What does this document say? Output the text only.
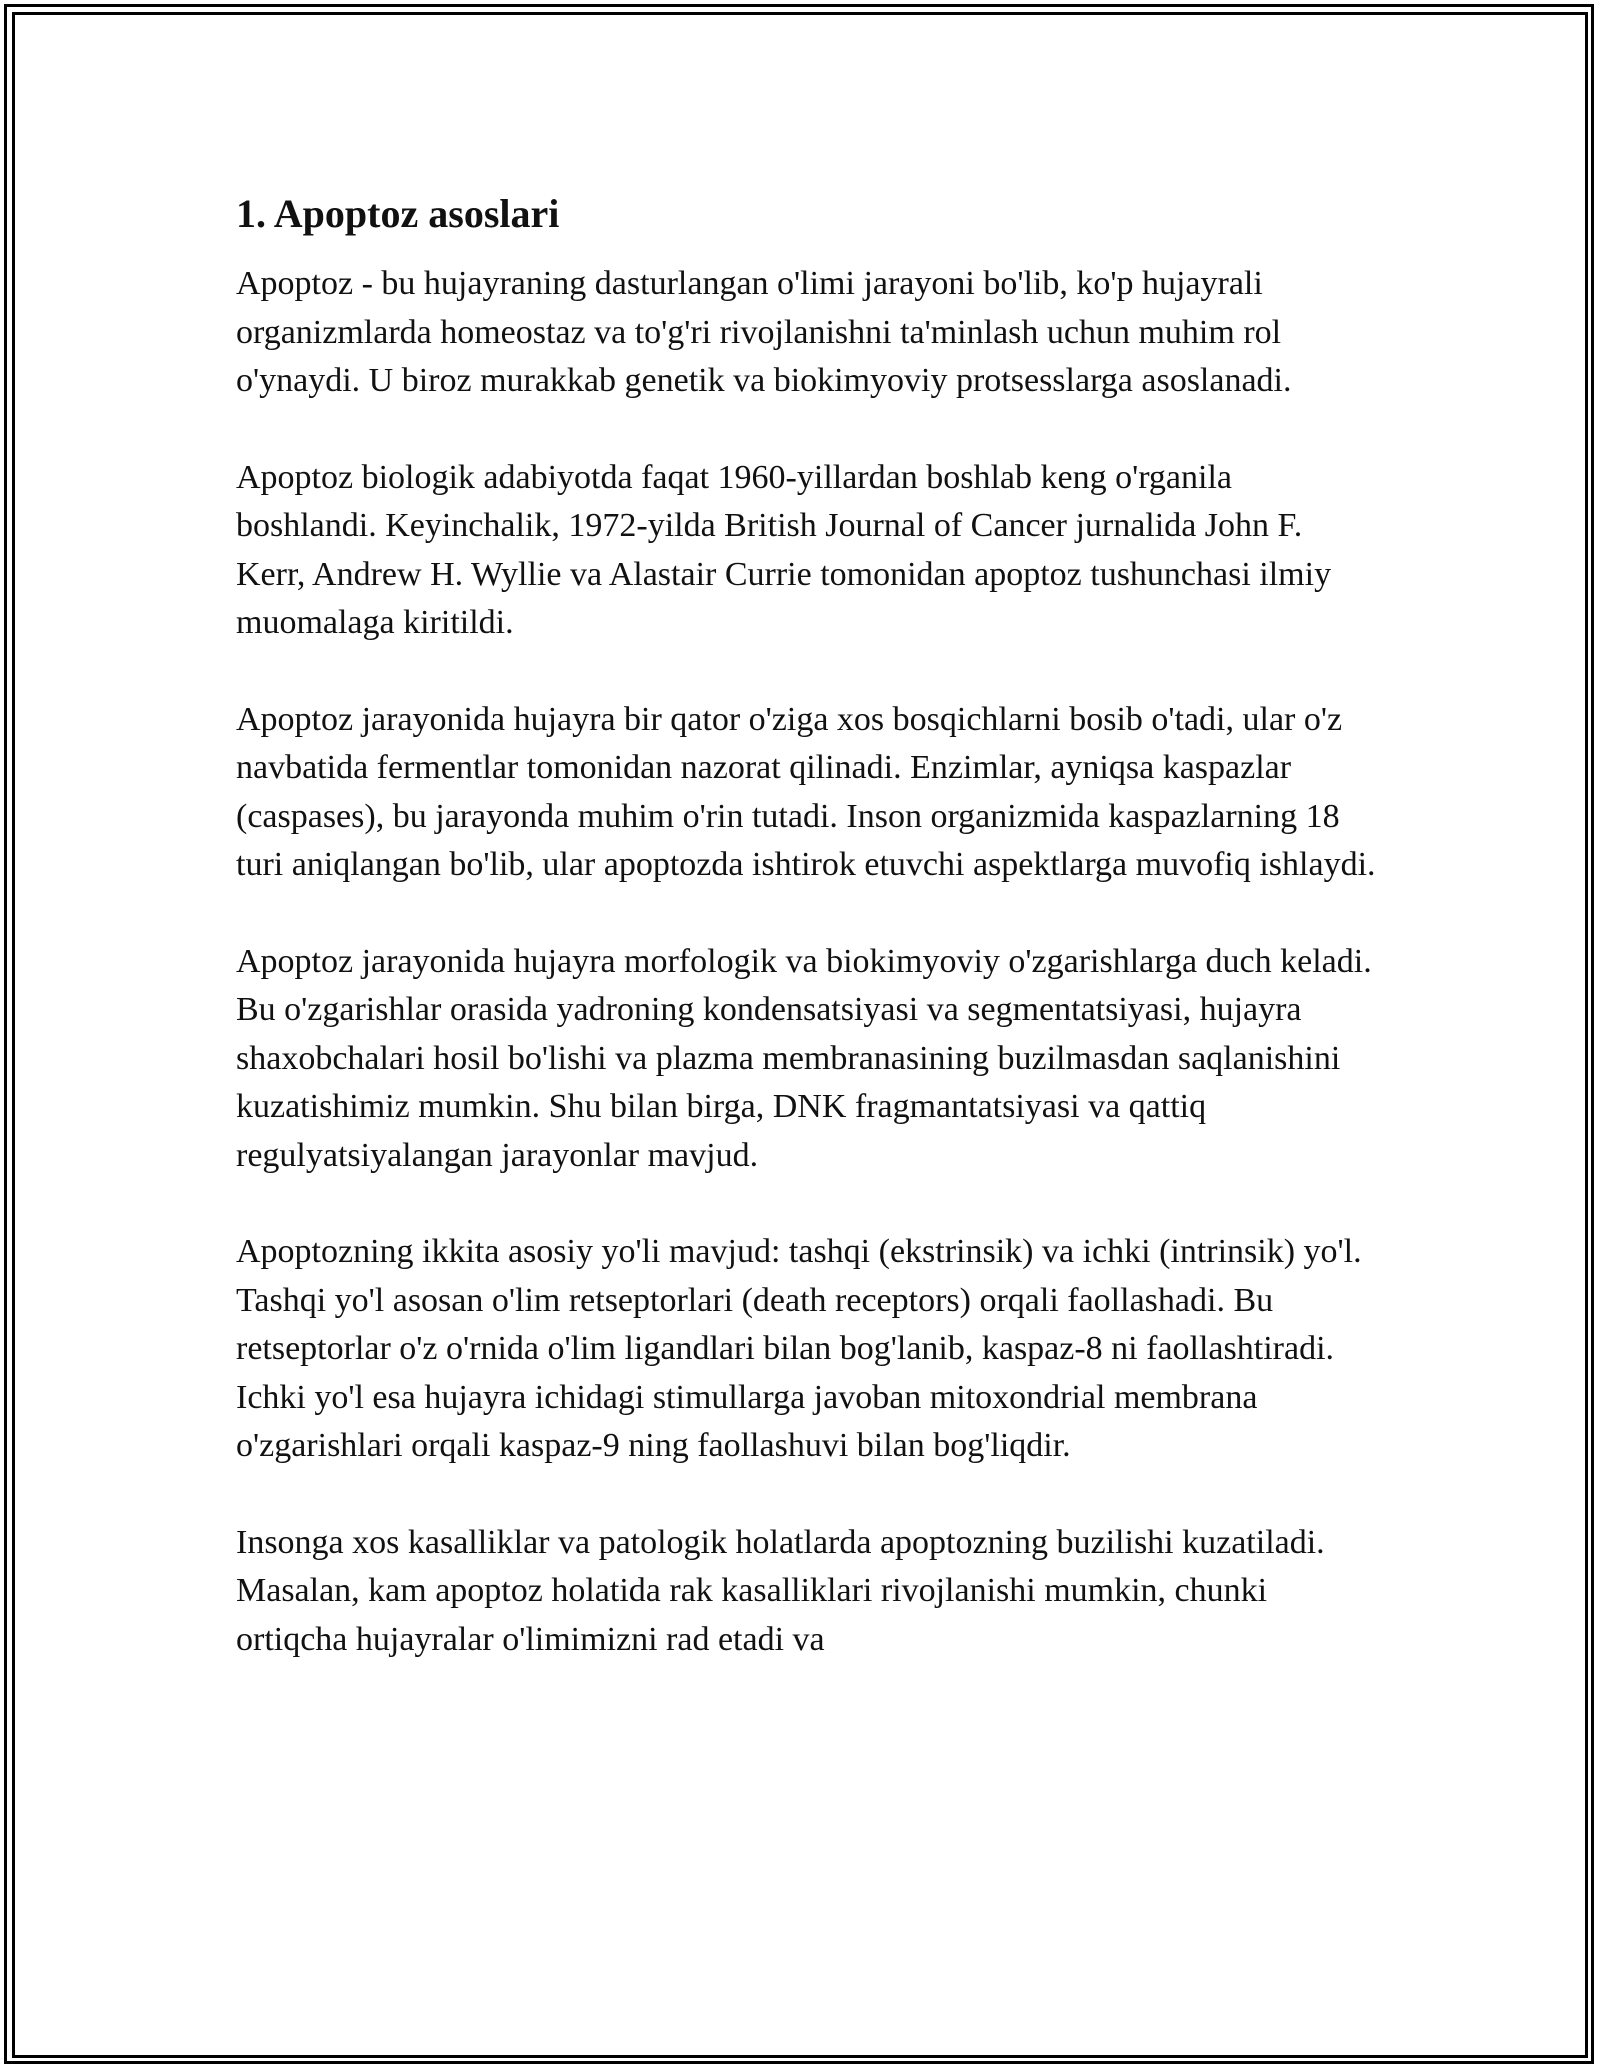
1. Apoptoz asoslari

Apoptoz - bu hujayraning dasturlangan o'limi jarayoni bo'lib, ko'p hujayrali organizmlarda homeostaz va to'g'ri rivojlanishni ta'minlash uchun muhim rol o'ynaydi. U biroz murakkab genetik va biokimyoviy protsesslarga asoslanadi.

Apoptoz biologik adabiyotda faqat 1960-yillardan boshlab keng o'rganila boshlandi. Keyinchalik, 1972-yilda British Journal of Cancer jurnalida John F. Kerr, Andrew H. Wyllie va Alastair Currie tomonidan apoptoz tushunchasi ilmiy muomalaga kiritildi.

Apoptoz jarayonida hujayra bir qator o'ziga xos bosqichlarni bosib o'tadi, ular o'z navbatida fermentlar tomonidan nazorat qilinadi. Enzimlar, ayniqsa kaspazlar (caspases), bu jarayonda muhim o'rin tutadi. Inson organizmida kaspazlarning 18 turi aniqlangan bo'lib, ular apoptozda ishtirok etuvchi aspektlarga muvofiq ishlaydi.

Apoptoz jarayonida hujayra morfologik va biokimyoviy o'zgarishlarga duch keladi. Bu o'zgarishlar orasida yadroning kondensatsiyasi va segmentatsiyasi, hujayra shaxobchalari hosil bo'lishi va plazma membranasining buzilmasdan saqlanishini kuzatishimiz mumkin. Shu bilan birga, DNK fragmantatsiyasi va qattiq regulyatsiyalangan jarayonlar mavjud.

Apoptozning ikkita asosiy yo'li mavjud: tashqi (ekstrinsik) va ichki (intrinsik) yo'l. Tashqi yo'l asosan o'lim retseptorlari (death receptors) orqali faollashadi. Bu retseptorlar o'z o'rnida o'lim ligandlari bilan bog'lanib, kaspaz-8 ni faollashtiradi. Ichki yo'l esa hujayra ichidagi stimullarga javoban mitoxondrial membrana o'zgarishlari orqali kaspaz-9 ning faollashuvi bilan bog'liqdir.

Insonga xos kasalliklar va patologik holatlarda apoptozning buzilishi kuzatiladi. Masalan, kam apoptoz holatida rak kasalliklari rivojlanishi mumkin, chunki ortiqcha hujayralar o'limimizni rad etadi va
